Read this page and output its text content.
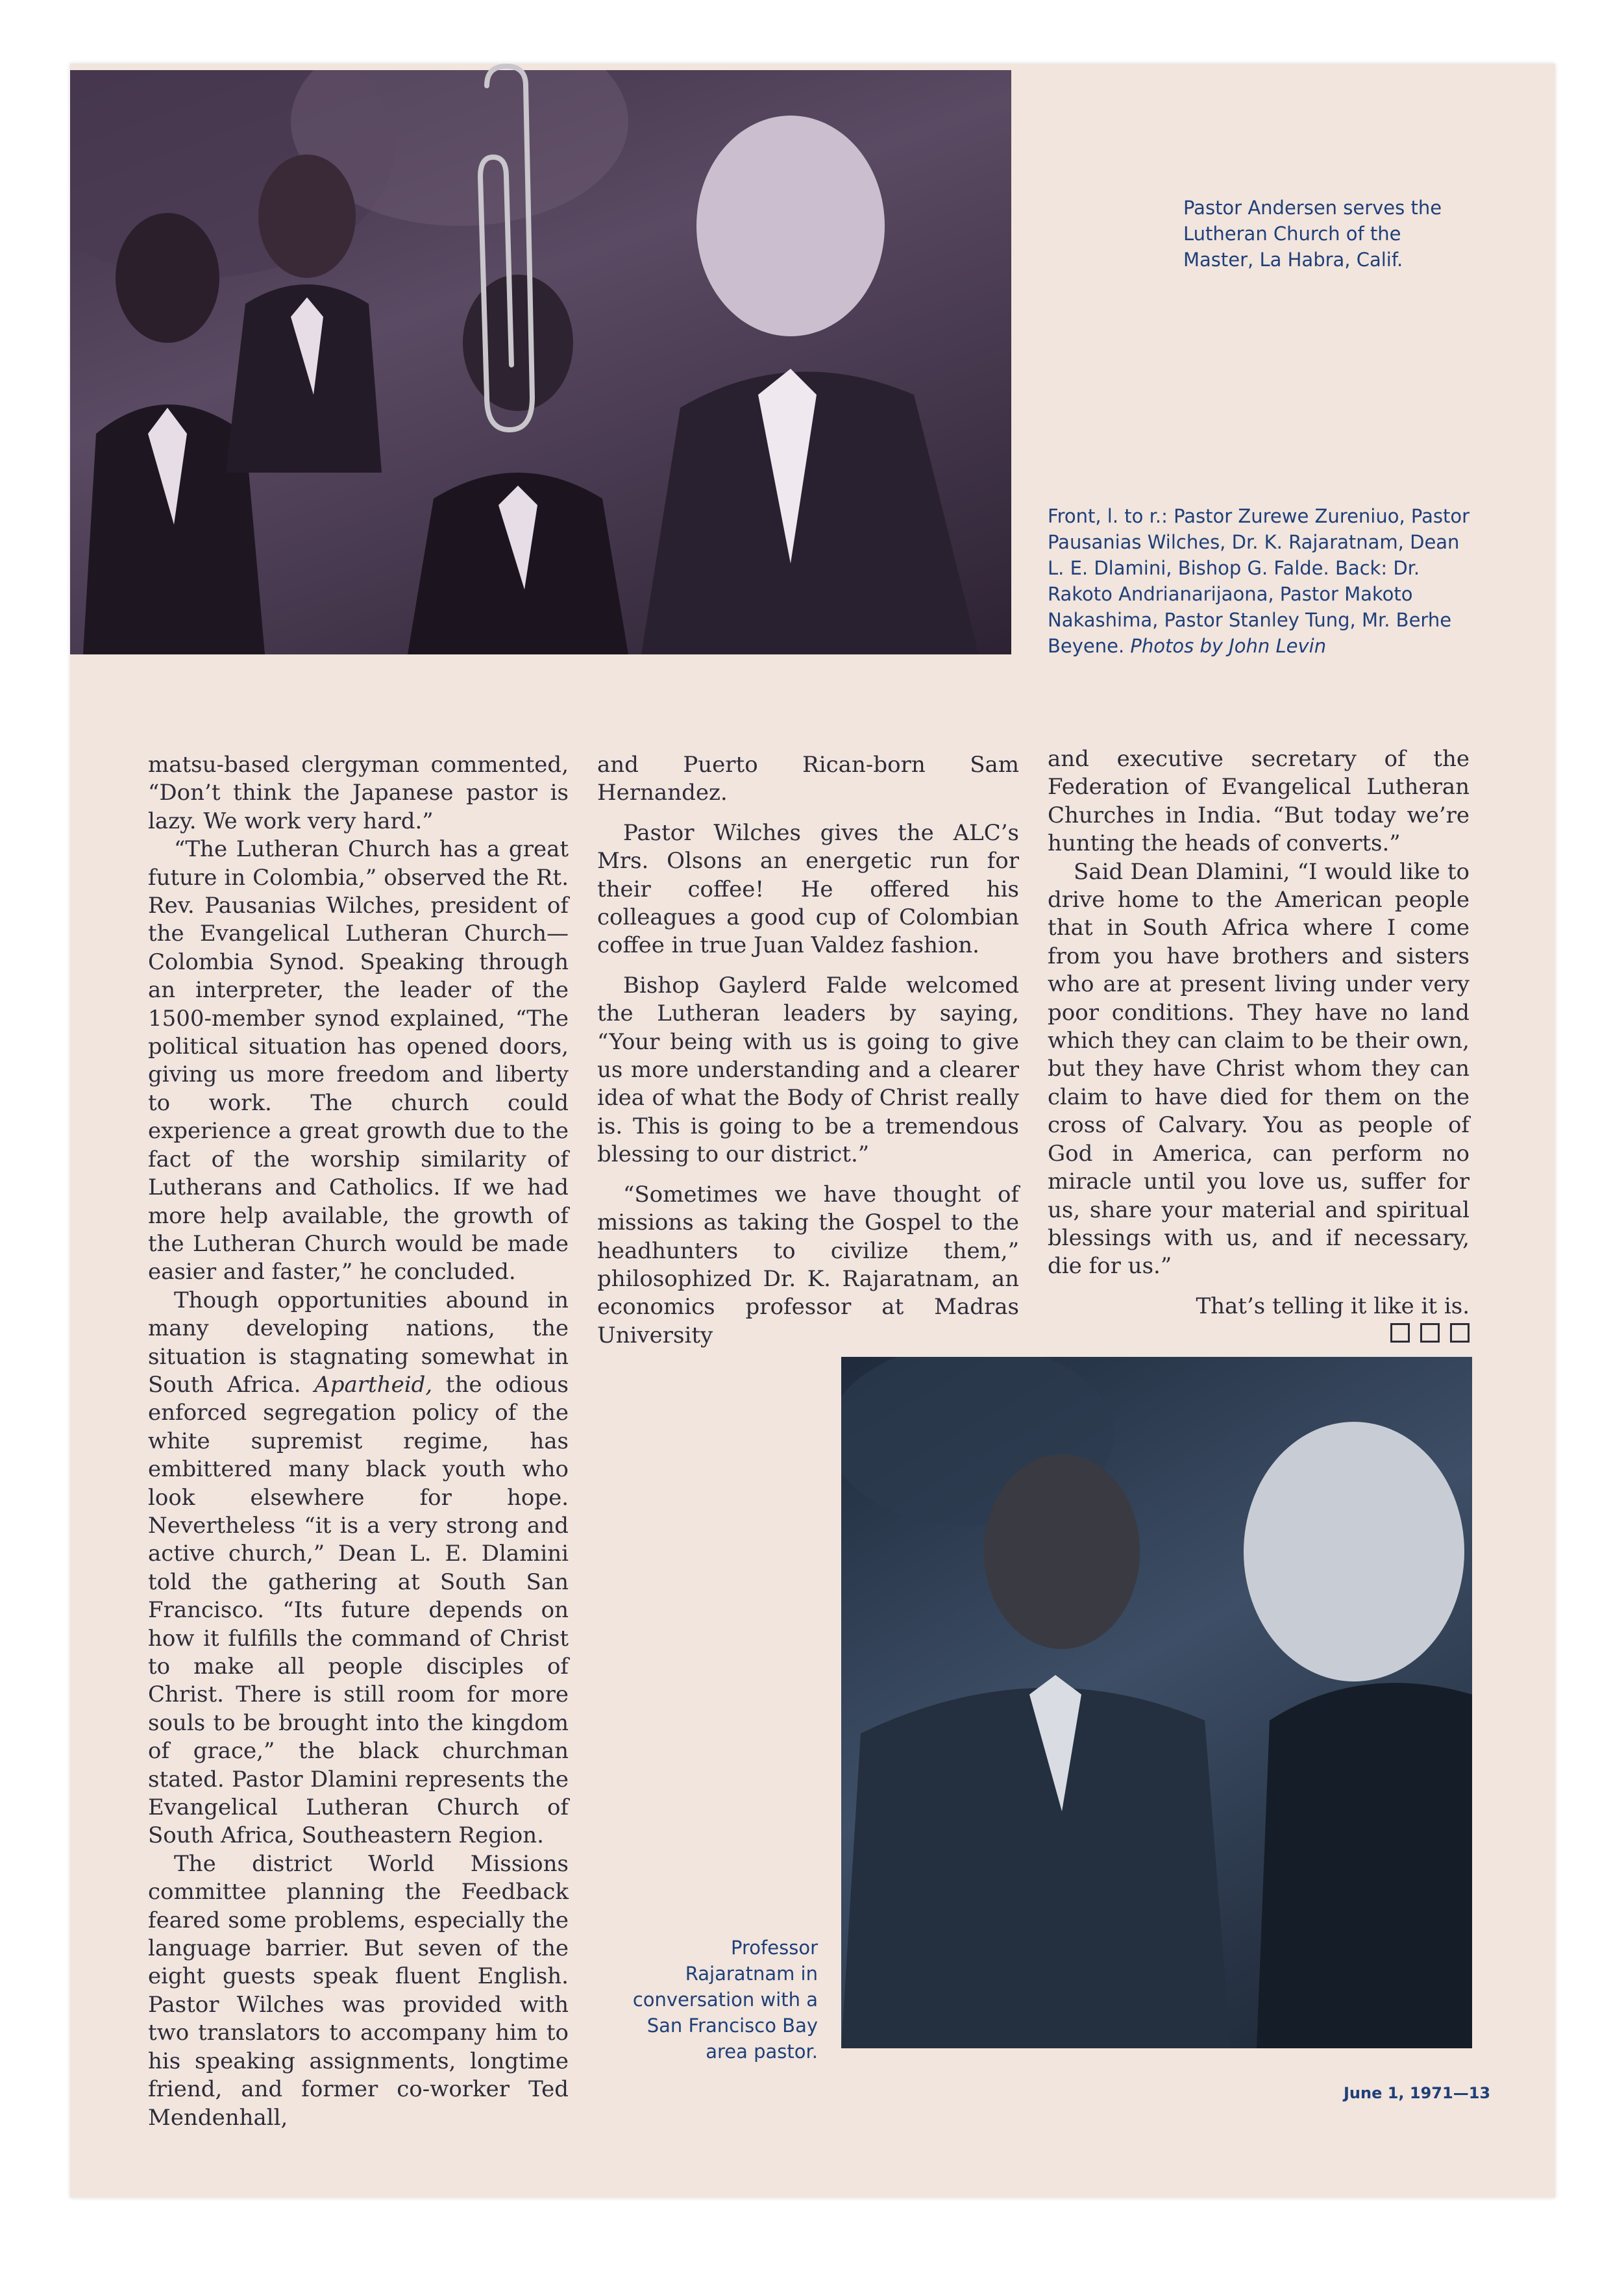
Pastor Andersen serves the Lutheran Church of the Master, La Habra, Calif.
Front, l. to r.: Pastor Zurewe Zureniuo, Pastor Pausanias Wilches, Dr. K. Rajaratnam, Dean L. E. Dlamini, Bishop G. Falde. Back: Dr. Rakoto Andrianarijaona, Pastor Makoto Nakashima, Pastor Stanley Tung, Mr. Berhe Beyene. Photos by John Levin

matsu-based clergyman commented, “Don’t think the Japanese pastor is lazy. We work very hard.”

“The Lutheran Church has a great future in Colombia,” observed the Rt. Rev. Pausanias Wilches, president of the Evangelical Lutheran Church—Colombia Synod. Speaking through an interpreter, the leader of the 1500-member synod explained, “The political situation has opened doors, giving us more freedom and liberty to work. The church could experience a great growth due to the fact of the worship similarity of Lutherans and Catholics. If we had more help available, the growth of the Lutheran Church would be made easier and faster,” he concluded.

Though opportunities abound in many developing nations, the situation is stagnating somewhat in South Africa. Apartheid, the odious enforced segregation policy of the white supremist regime, has embittered many black youth who look elsewhere for hope. Nevertheless “it is a very strong and active church,” Dean L. E. Dlamini told the gathering at South San Francisco. “Its future depends on how it fulfills the command of Christ to make all people disciples of Christ. There is still room for more souls to be brought into the kingdom of grace,” the black churchman stated. Pastor Dlamini represents the Evangelical Lutheran Church of South Africa, Southeastern Region.

The district World Missions committee planning the Feedback feared some problems, especially the language barrier. But seven of the eight guests speak fluent English. Pastor Wilches was provided with two translators to accompany him to his speaking assignments, longtime friend, and former co-worker Ted Mendenhall,

and Puerto Rican-born Sam Hernandez.

Pastor Wilches gives the ALC’s Mrs. Olsons an energetic run for their coffee! He offered his colleagues a good cup of Colombian coffee in true Juan Valdez fashion.

Bishop Gaylerd Falde welcomed the Lutheran leaders by saying, “Your being with us is going to give us more understanding and a clearer idea of what the Body of Christ really is. This is going to be a tremendous blessing to our district.”

“Sometimes we have thought of missions as taking the Gospel to the headhunters to civilize them,” philosophized Dr. K. Rajaratnam, an economics professor at Madras University

and executive secretary of the Federation of Evangelical Lutheran Churches in India. “But today we’re hunting the heads of converts.”

Said Dean Dlamini, “I would like to drive home to the American people that in South Africa where I come from you have brothers and sisters who are at present living under very poor conditions. They have no land which they can claim to be their own, but they have Christ whom they can claim to have died for them on the cross of Calvary. You as people of God in America, can perform no miracle until you love us, suffer for us, share your material and spiritual blessings with us, and if necessary, die for us.”

That’s telling it like it is.

Professor Rajaratnam in conversation with a San Francisco Bay area pastor.
June 1, 1971—13
